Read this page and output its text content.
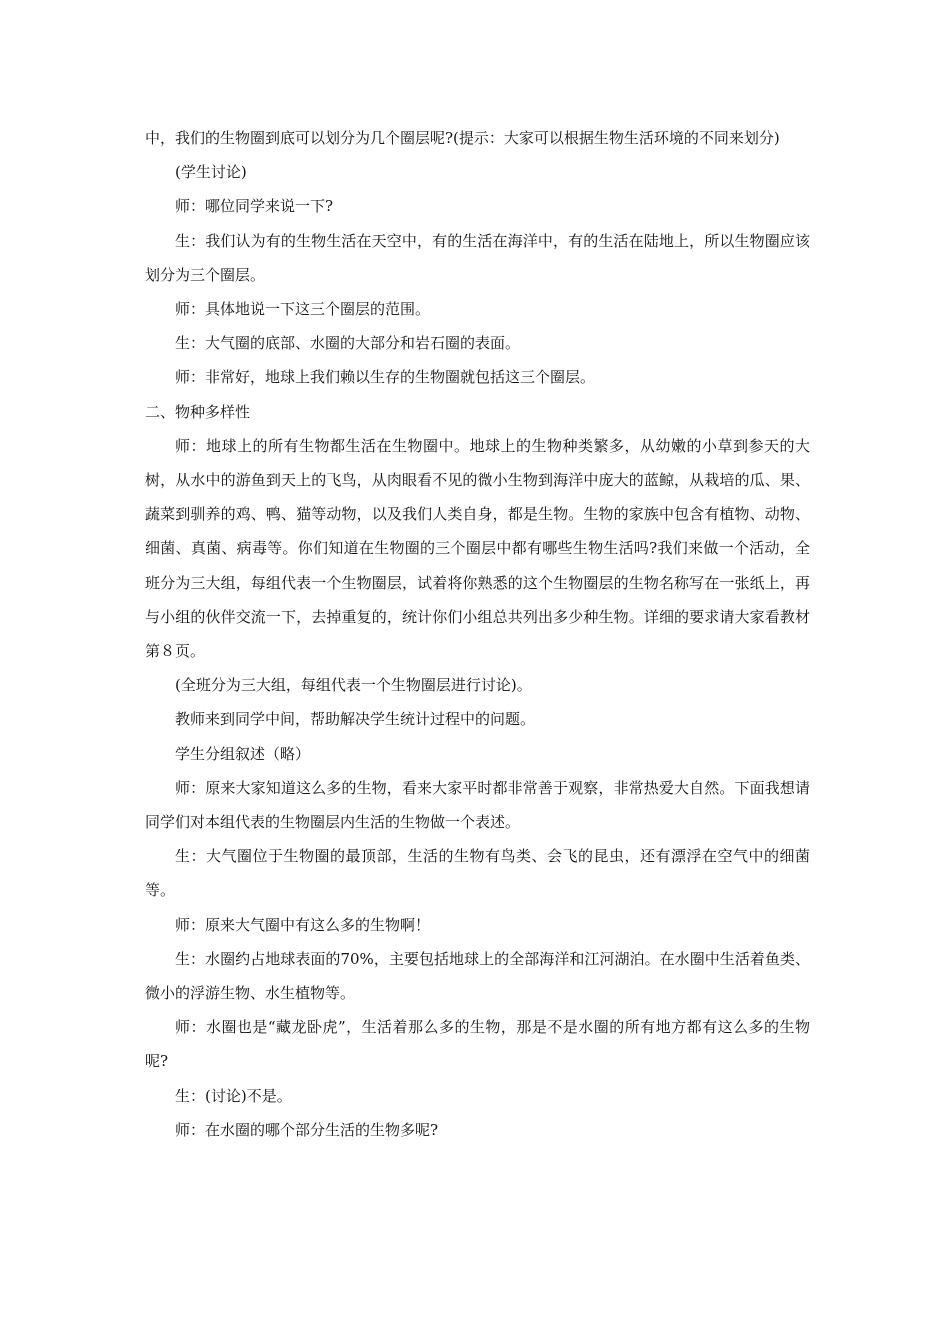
中，我们的生物圈到底可以划分为几个圈层呢?(提示：大家可以根据生物生活环境的不同来划分)

(学生讨论)

师：哪位同学来说一下?

生：我们认为有的生物生活在天空中，有的生活在海洋中，有的生活在陆地上，所以生物圈应该划分为三个圈层。

师：具体地说一下这三个圈层的范围。

生：大气圈的底部、水圈的大部分和岩石圈的表面。

师：非常好，地球上我们赖以生存的生物圈就包括这三个圈层。

二、物种多样性

师：地球上的所有生物都生活在生物圈中。地球上的生物种类繁多，从幼嫩的小草到参天的大树，从水中的游鱼到天上的飞鸟，从肉眼看不见的微小生物到海洋中庞大的蓝鲸，从栽培的瓜、果、蔬菜到驯养的鸡、鸭、猫等动物，以及我们人类自身，都是生物。生物的家族中包含有植物、动物、细菌、真菌、病毒等。你们知道在生物圈的三个圈层中都有哪些生物生活吗?我们来做一个活动，全班分为三大组，每组代表一个生物圈层，试着将你熟悉的这个生物圈层的生物名称写在一张纸上，再与小组的伙伴交流一下，去掉重复的，统计你们小组总共列出多少种生物。详细的要求请大家看教材第８页。

(全班分为三大组，每组代表一个生物圈层进行讨论)。

教师来到同学中间，帮助解决学生统计过程中的问题。

学生分组叙述（略）

师：原来大家知道这么多的生物，看来大家平时都非常善于观察，非常热爱大自然。下面我想请同学们对本组代表的生物圈层内生活的生物做一个表述。

生：大气圈位于生物圈的最顶部，生活的生物有鸟类、会飞的昆虫，还有漂浮在空气中的细菌等。

师：原来大气圈中有这么多的生物啊！

生：水圈约占地球表面的70%，主要包括地球上的全部海洋和江河湖泊。在水圈中生活着鱼类、微小的浮游生物、水生植物等。

师：水圈也是“藏龙卧虎”，生活着那么多的生物，那是不是水圈的所有地方都有这么多的生物呢?

生：(讨论)不是。

师：在水圈的哪个部分生活的生物多呢?
